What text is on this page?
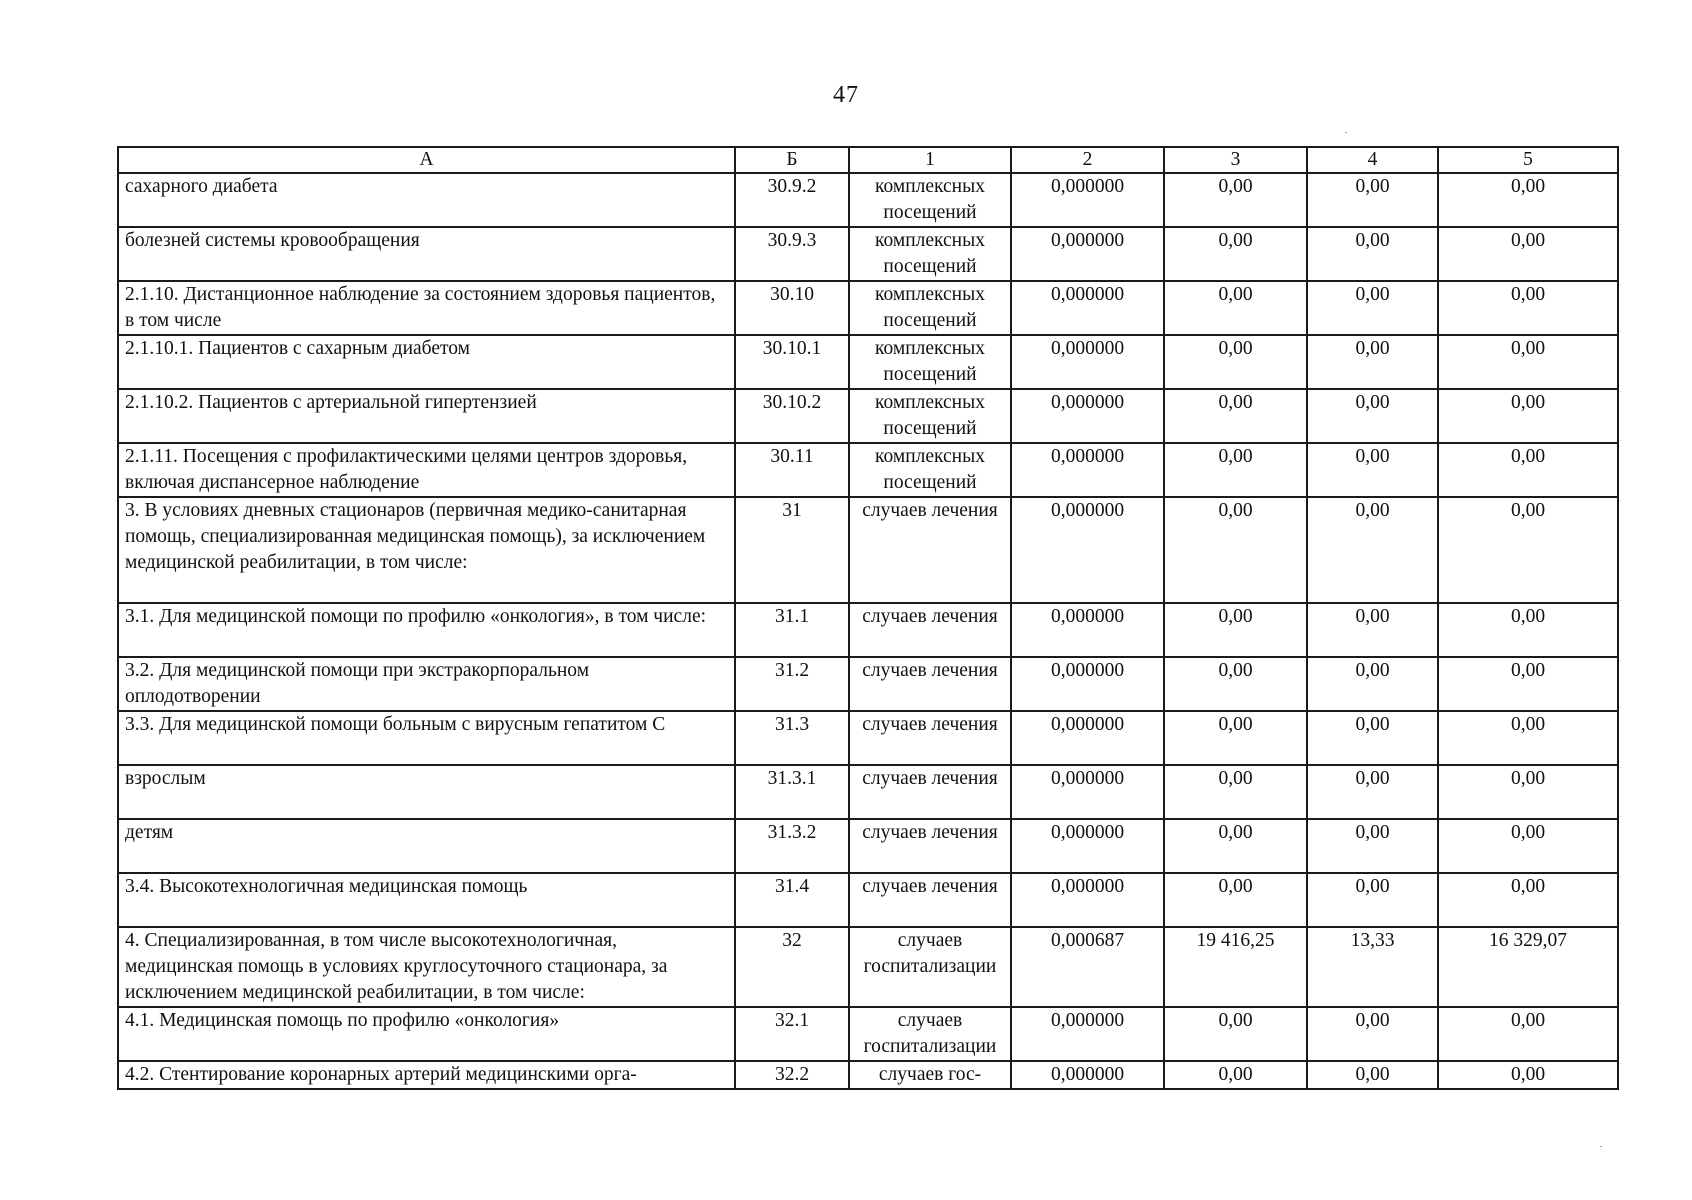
47
А	Б	1	2	3	4	5
сахарного диабета	30.9.2	комплексных посещений	0,000000	0,00	0,00	0,00
болезней системы кровообращения	30.9.3	комплексных посещений	0,000000	0,00	0,00	0,00
2.1.10. Дистанционное наблюдение за состоянием здоровья пациентов, в том числе	30.10	комплексных посещений	0,000000	0,00	0,00	0,00
2.1.10.1. Пациентов с сахарным диабетом	30.10.1	комплексных посещений	0,000000	0,00	0,00	0,00
2.1.10.2. Пациентов с артериальной гипертензией	30.10.2	комплексных посещений	0,000000	0,00	0,00	0,00
2.1.11. Посещения с профилактическими целями центров здоровья, включая диспансерное наблюдение	30.11	комплексных посещений	0,000000	0,00	0,00	0,00
3. В условиях дневных стационаров (первичная медико-санитарная помощь, специализированная медицинская помощь), за исключением медицинской реабилитации, в том числе:	31	случаев лечения	0,000000	0,00	0,00	0,00
3.1. Для медицинской помощи по профилю «онкология», в том числе:	31.1	случаев лечения	0,000000	0,00	0,00	0,00
3.2. Для медицинской помощи при экстракорпоральном оплодотворении	31.2	случаев лечения	0,000000	0,00	0,00	0,00
3.3. Для медицинской помощи больным с вирусным гепатитом С	31.3	случаев лечения	0,000000	0,00	0,00	0,00
взрослым	31.3.1	случаев лечения	0,000000	0,00	0,00	0,00
детям	31.3.2	случаев лечения	0,000000	0,00	0,00	0,00
3.4. Высокотехнологичная медицинская помощь	31.4	случаев лечения	0,000000	0,00	0,00	0,00
4. Специализированная, в том числе высокотехнологичная, медицинская помощь в условиях круглосуточного стационара, за исключением медицинской реабилитации, в том числе:	32	случаев госпитализации	0,000687	19 416,25	13,33	16 329,07
4.1. Медицинская помощь по профилю «онкология»	32.1	случаев госпитализации	0,000000	0,00	0,00	0,00
4.2. Стентирование коронарных артерий медицинскими орга-	32.2	случаев гос-	0,000000	0,00	0,00	0,00
